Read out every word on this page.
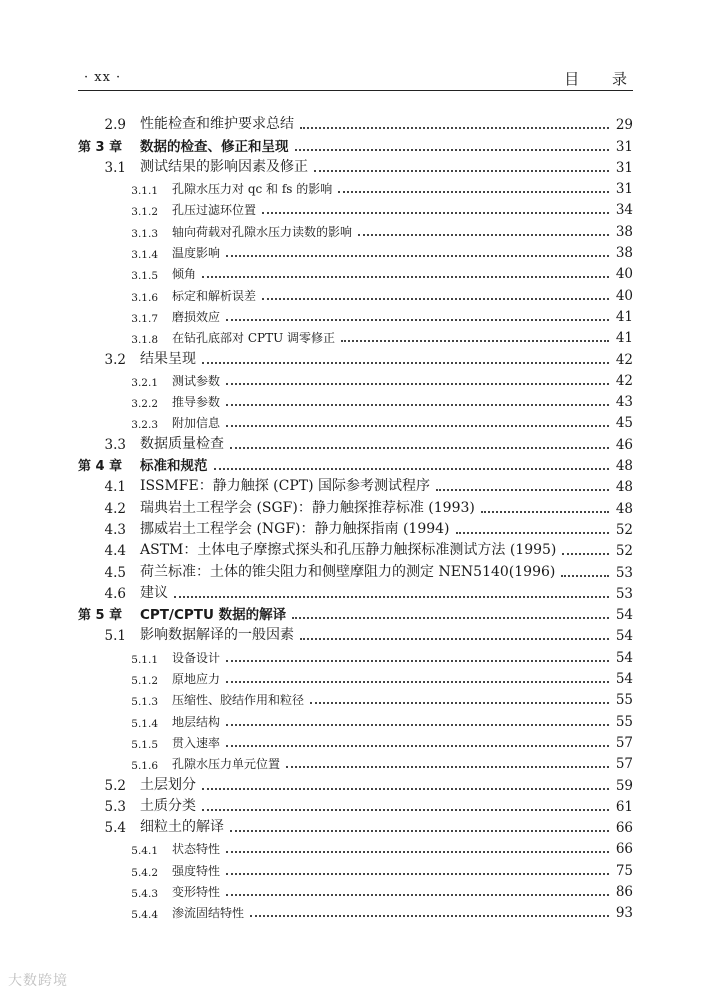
· xx ·	目 录
2.9	性能检查和维护要求总结	29
第 3 章	数据的检查、修正和呈现	31
3.1	测试结果的影响因素及修正	31
3.1.1	孔隙水压力对 qc 和 fs 的影响	31
3.1.2	孔压过滤环位置	34
3.1.3	轴向荷载对孔隙水压力读数的影响	38
3.1.4	温度影响	38
3.1.5	倾角	40
3.1.6	标定和解析误差	40
3.1.7	磨损效应	41
3.1.8	在钻孔底部对 CPTU 调零修正	41
3.2	结果呈现	42
3.2.1	测试参数	42
3.2.2	推导参数	43
3.2.3	附加信息	45
3.3	数据质量检查	46
第 4 章	标准和规范	48
4.1	ISSMFE：静力触探 (CPT) 国际参考测试程序	48
4.2	瑞典岩土工程学会 (SGF)：静力触探推荐标准 (1993)	48
4.3	挪威岩土工程学会 (NGF)：静力触探指南 (1994)	52
4.4	ASTM：土体电子摩擦式探头和孔压静力触探标准测试方法 (1995)	52
4.5	荷兰标准：土体的锥尖阻力和侧壁摩阻力的测定 NEN5140(1996)	53
4.6	建议	53
第 5 章	CPT/CPTU 数据的解译	54
5.1	影响数据解译的一般因素	54
5.1.1	设备设计	54
5.1.2	原地应力	54
5.1.3	压缩性、胶结作用和粒径	55
5.1.4	地层结构	55
5.1.5	贯入速率	57
5.1.6	孔隙水压力单元位置	57
5.2	土层划分	59
5.3	土质分类	61
5.4	细粒土的解译	66
5.4.1	状态特性	66
5.4.2	强度特性	75
5.4.3	变形特性	86
5.4.4	渗流固结特性	93
大数跨境
